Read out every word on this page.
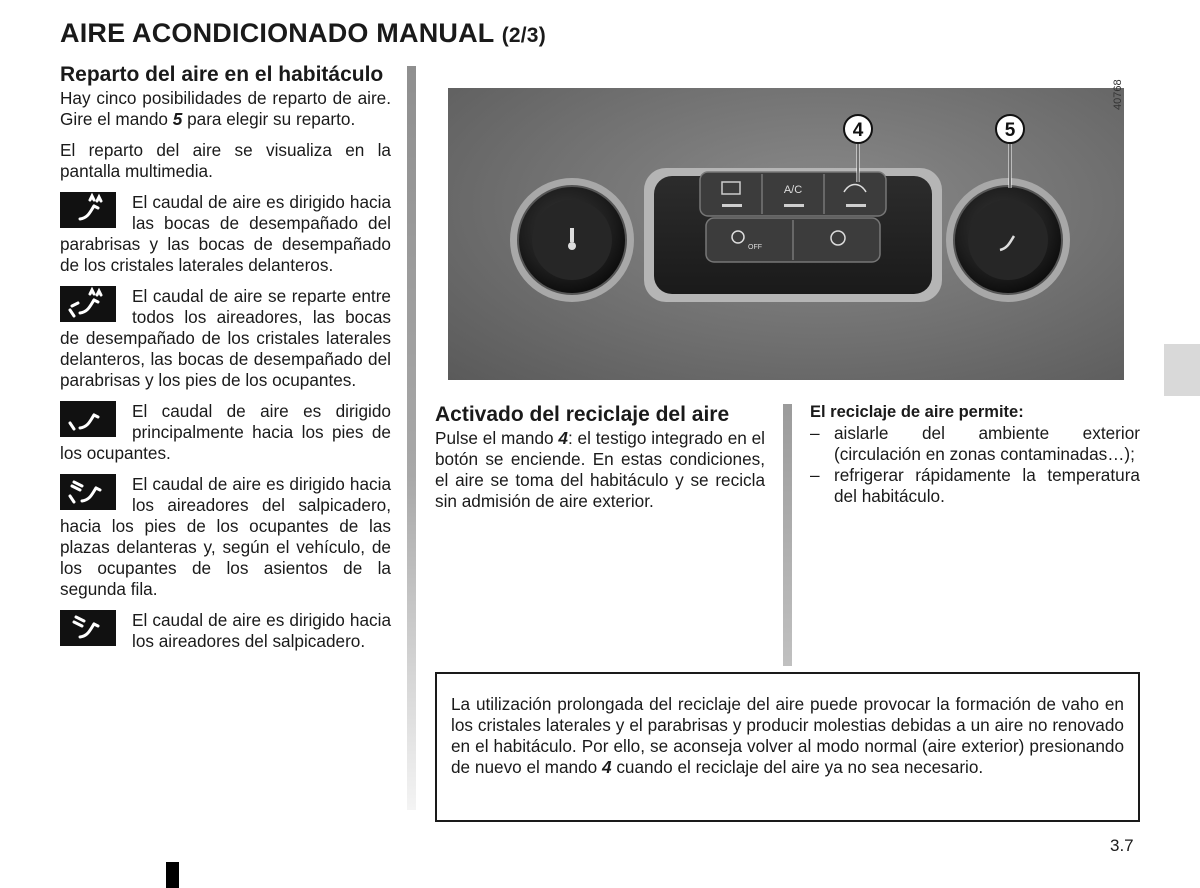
AIRE ACONDICIONADO MANUAL (2/3)
Reparto del aire en el habitáculo

Hay cinco posibilidades de reparto de aire. Gire el mando 5 para elegir su reparto.

El reparto del aire se visualiza en la pantalla multimedia.

El caudal de aire es dirigido hacia las bocas de desempañado del parabrisas y las bocas de desempañado de los cristales laterales delanteros.
El caudal de aire se reparte entre todos los aireadores, las bocas de desempañado de los cristales laterales delanteros, las bocas de desempañado del parabrisas y los pies de los ocupantes.
El caudal de aire es dirigido principalmente hacia los pies de los ocupantes.
El caudal de aire es dirigido hacia los aireadores del salpicadero, hacia los pies de los ocupantes de las plazas delanteras y, según el vehículo, de los ocupantes de los asientos de la segunda fila.
El caudal de aire es dirigido hacia los aireadores del salpicadero.
A/C
OFF
4	5
40768
Activado del reciclaje del aire

Pulse el mando 4: el testigo integrado en el botón se enciende. En estas condiciones, el aire se toma del habitáculo y se recicla sin admisión de aire exterior.

El reciclaje de aire permite:
– aislarle del ambiente exterior (circulación en zonas contaminadas…);
– refrigerar rápidamente la temperatura del habitáculo.
La utilización prolongada del reciclaje del aire puede provocar la formación de vaho en los cristales laterales y el parabrisas y producir molestias debidas a un aire no renovado en el habitáculo. Por ello, se aconseja volver al modo normal (aire exterior) presionando de nuevo el mando 4 cuando el reciclaje del aire ya no sea necesario.
3.7
